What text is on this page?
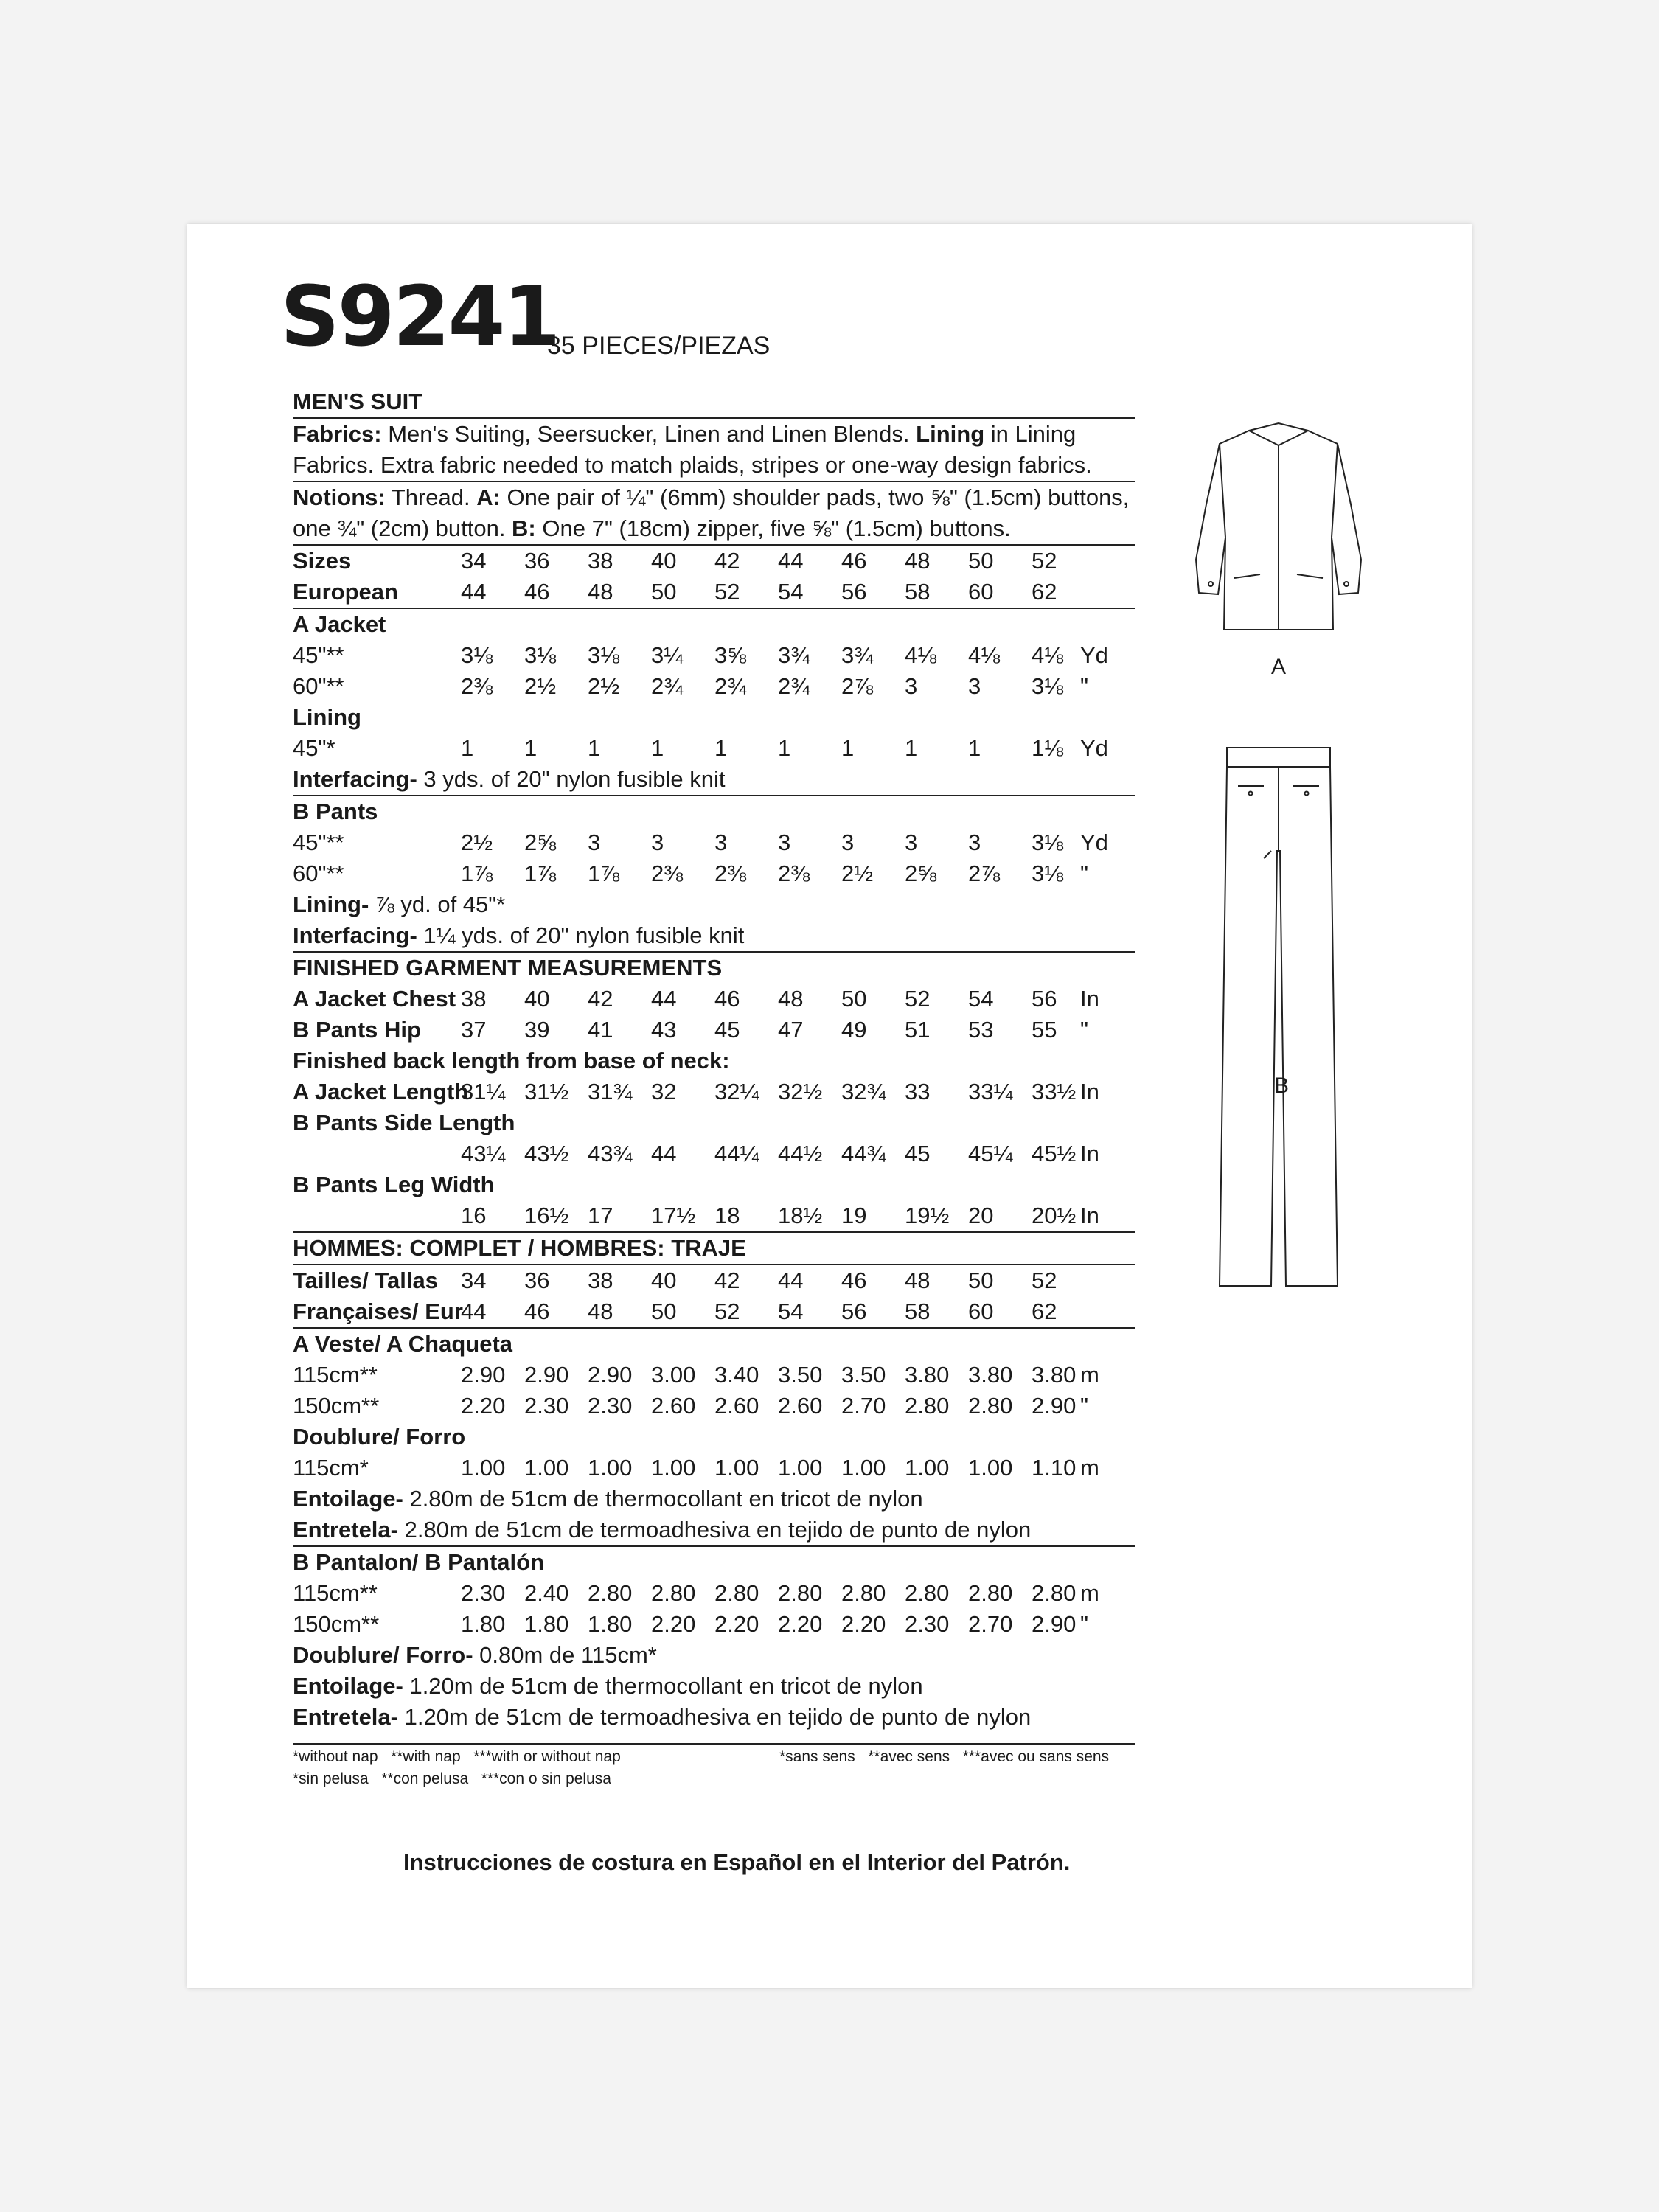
S9241
35 PIECES/PIEZAS
MEN'S SUIT
Fabrics: Men's Suiting, Seersucker, Linen and Linen Blends. Lining in Lining Fabrics. Extra fabric needed to match plaids, stripes or one-way design fabrics.
Notions: Thread. A: One pair of ¼" (6mm) shoulder pads, two ⅝" (1.5cm) buttons, one ¾" (2cm) button. B: One 7" (18cm) zipper, five ⅝" (1.5cm) buttons.
Sizes	34	36	38	40	42	44	46	48	50	52
European	44	46	48	50	52	54	56	58	60	62
A Jacket
45"**	3⅛	3⅛	3⅛	3¼	3⅝	3¾	3¾	4⅛	4⅛	4⅛ Yd
60"**	2⅜	2½	2½	2¾	2¾	2¾	2⅞	3	3	3⅛ "
Lining
45"*	1	1	1	1	1	1	1	1	1	1⅛ Yd
Interfacing- 3 yds. of 20" nylon fusible knit
B Pants
45"**	2½	2⅝	3	3	3	3	3	3	3	3⅛ Yd
60"**	1⅞	1⅞	1⅞	2⅜	2⅜	2⅜	2½	2⅝	2⅞	3⅛ "
Lining- ⅞ yd. of 45"*
Interfacing- 1¼ yds. of 20" nylon fusible knit
FINISHED GARMENT MEASUREMENTS
A Jacket Chest 38	40	42	44	46	48	50	52	54	56	In
B Pants Hip 37	39	41	43	45	47	49	51	53	55	"
Finished back length from base of neck:
A Jacket Length
31¼ 31½ 31¾ 32	32¼ 32½ 32¾ 33	33¼ 33½ In
B Pants Side Length
43¼ 43½ 43¾ 44	44¼ 44½ 44¾ 45	45¼ 45½ In
B Pants Leg Width
16	16½ 17	17½ 18	18½ 19	19½ 20	20½ In
HOMMES: COMPLET / HOMBRES: TRAJE
Tailles/ Tallas 34	36	38	40	42	44	46	48	50	52
Françaises/ Eur
44	46	48	50	52	54	56	58	60	62
A Veste/ A Chaqueta
115cm**	2.90 2.90 2.90 3.00 3.40 3.50 3.50 3.80 3.80 3.80 m
150cm**	2.20 2.30 2.30 2.60 2.60 2.60 2.70 2.80 2.80 2.90 "
Doublure/ Forro
115cm*	1.00 1.00 1.00 1.00 1.00 1.00 1.00 1.00 1.00 1.10 m
Entoilage- 2.80m de 51cm de thermocollant en tricot de nylon
Entretela- 2.80m de 51cm de termoadhesiva en tejido de punto de nylon
B Pantalon/ B Pantalón
115cm**	2.30 2.40 2.80 2.80 2.80 2.80 2.80 2.80 2.80 2.80 m
150cm**	1.80 1.80 1.80 2.20 2.20 2.20 2.20 2.30 2.70 2.90 "
Doublure/ Forro- 0.80m de 115cm*
Entoilage- 1.20m de 51cm de thermocollant en tricot de nylon
Entretela- 1.20m de 51cm de termoadhesiva en tejido de punto de nylon
*without nap   **with nap   ***with or without nap
*sin pelusa   **con pelusa   ***con o sin pelusa
*sans sens   **avec sens   ***avec ou sans sens
Instrucciones de costura en Español en el Interior del Patrón.
A
B
